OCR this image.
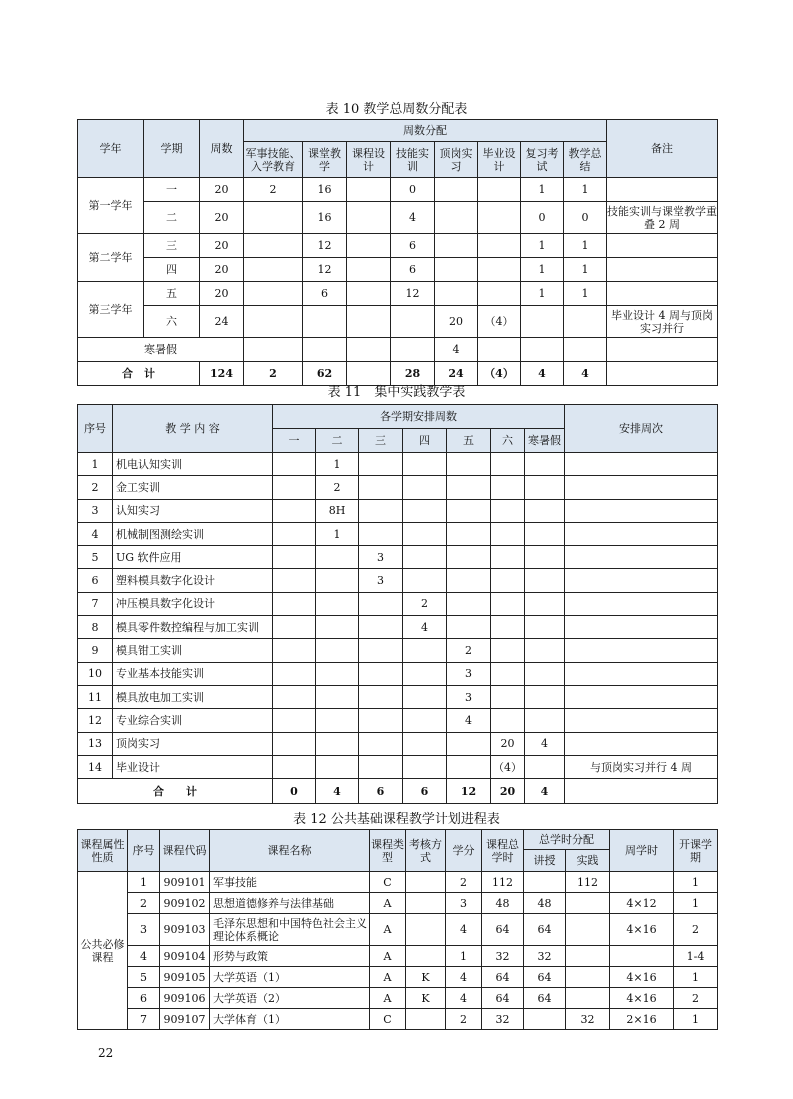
表 10 教学总周数分配表
学年	学期	周数	周数分配								备注
			军事技能、入学教育	课堂教学	课程设计	技能实训	顶岗实习	毕业设计	复习考试	教学总结	
第一学年	一	20	2	16		0			1	1	
	二	20		16		4			0	0	技能实训与课堂教学重叠 2 周
第二学年	三	20		12		6			1	1	
	四	20		12		6			1	1	
第三学年	五	20		6		12			1	1	
	六	24					20	（4）			毕业设计 4 周与顶岗实习并行
寒暑假							4				
合　计		124	2	62		28	24	（4）	4	4	
表 11　集中实践教学表
序号	教 学 内 容	各学期安排周数							安排周次
		一	二	三	四	五	六	寒暑假	
1	机电认知实训		1						
2	金工实训		2						
3	认知实习		8H						
4	机械制图测绘实训		1						
5	UG 软件应用			3					
6	塑料模具数字化设计			3					
7	冲压模具数字化设计				2				
8	模具零件数控编程与加工实训				4				
9	模具钳工实训					2			
10	专业基本技能实训					3			
11	模具放电加工实训					3			
12	专业综合实训					4			
13	顶岗实习						20	4	
14	毕业设计						（4）		与顶岗实习并行 4 周
合　　计		0	4	6	6	12	20	4	
表 12 公共基础课程教学计划进程表
课程属性性质	序号	课程代码	课程名称	课程类型	考核方式	学分	课程总学时	总学时分配		周学时	开课学期
								讲授	实践		
公共必修课程	1	909101	军事技能	C		2	112		112		1
	2	909102	思想道德修养与法律基础	A		3	48	48		4×12	1
	3	909103	毛泽东思想和中国特色社会主义理论体系概论	A		4	64	64		4×16	2
	4	909104	形势与政策	A		1	32	32			1-4
	5	909105	大学英语（1）	A	K	4	64	64		4×16	1
	6	909106	大学英语（2）	A	K	4	64	64		4×16	2
	7	909107	大学体育（1）	C		2	32		32	2×16	1
22
